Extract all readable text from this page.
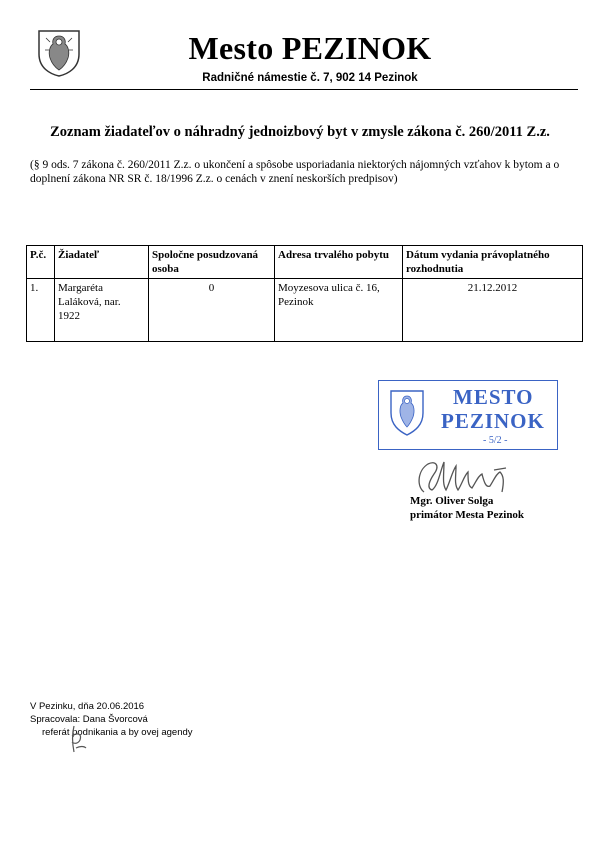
Mesto PEZINOK
Radničné námestie č. 7, 902 14 Pezinok
Zoznam žiadateľov o náhradný jednoizbový byt v zmysle zákona č. 260/2011 Z.z.
(§ 9 ods. 7 zákona č. 260/2011 Z.z. o ukončení a spôsobe usporiadania niektorých nájomných vzťahov k bytom a o doplnení zákona NR SR č. 18/1996 Z.z. o cenách v znení neskorších predpisov)
P.č.	Žiadateľ	Spoločne posudzovaná osoba	Adresa trvalého pobytu	Dátum vydania právoplatného rozhodnutia
1.	Margaréta Laláková, nar. 1922	0	Moyzesova ulica č. 16, Pezinok	21.12.2012
MESTO
PEZINOK
- 5/2 -
Mgr. Oliver Solga
primátor Mesta Pezinok
V Pezinku, dňa 20.06.2016
Spracovala: Dana Švorcová
referát podnikania a by ovej agendy
